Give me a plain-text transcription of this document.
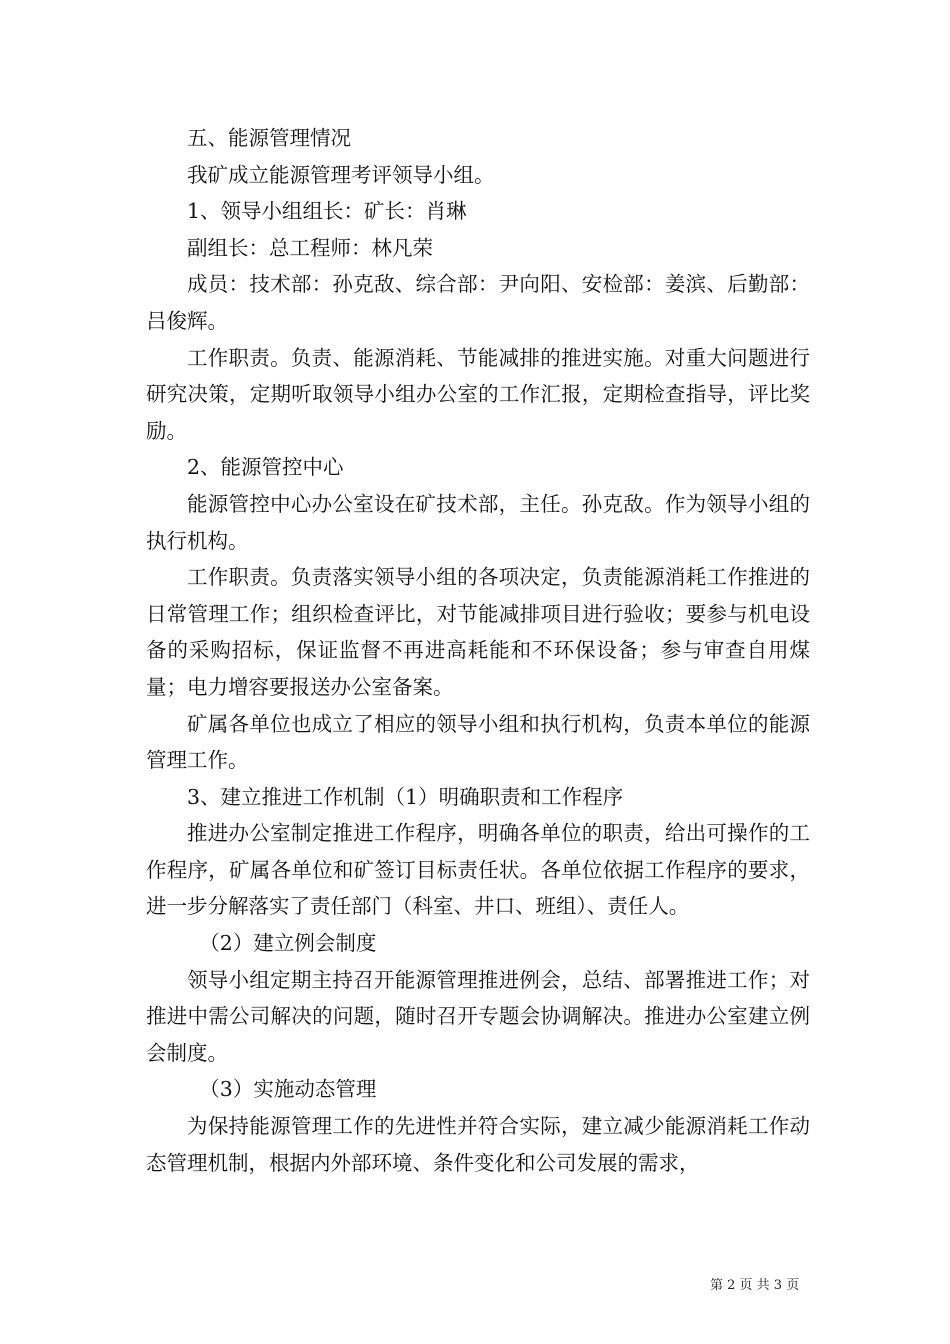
五、能源管理情况

我矿成立能源管理考评领导小组。

1、领导小组组长：矿长：肖琳

副组长：总工程师：林凡荣

成员：技术部：孙克敌、综合部：尹向阳、安检部：姜滨、后勤部：吕俊辉。

工作职责。负责、能源消耗、节能减排的推进实施。对重大问题进行研究决策，定期听取领导小组办公室的工作汇报，定期检查指导，评比奖励。

2、能源管控中心

能源管控中心办公室设在矿技术部，主任。孙克敌。作为领导小组的执行机构。

工作职责。负责落实领导小组的各项决定，负责能源消耗工作推进的日常管理工作；组织检查评比，对节能减排项目进行验收；要参与机电设备的采购招标，保证监督不再进高耗能和不环保设备；参与审查自用煤量；电力增容要报送办公室备案。

矿属各单位也成立了相应的领导小组和执行机构，负责本单位的能源管理工作。

3、建立推进工作机制（1）明确职责和工作程序

推进办公室制定推进工作程序，明确各单位的职责，给出可操作的工作程序，矿属各单位和矿签订目标责任状。各单位依据工作程序的要求，进一步分解落实了责任部门（科室、井口、班组）、责任人。

（2）建立例会制度

领导小组定期主持召开能源管理推进例会，总结、部署推进工作；对推进中需公司解决的问题，随时召开专题会协调解决。推进办公室建立例会制度。

（3）实施动态管理

为保持能源管理工作的先进性并符合实际，建立减少能源消耗工作动态管理机制，根据内外部环境、条件变化和公司发展的需求，

第 2 页 共 3 页
